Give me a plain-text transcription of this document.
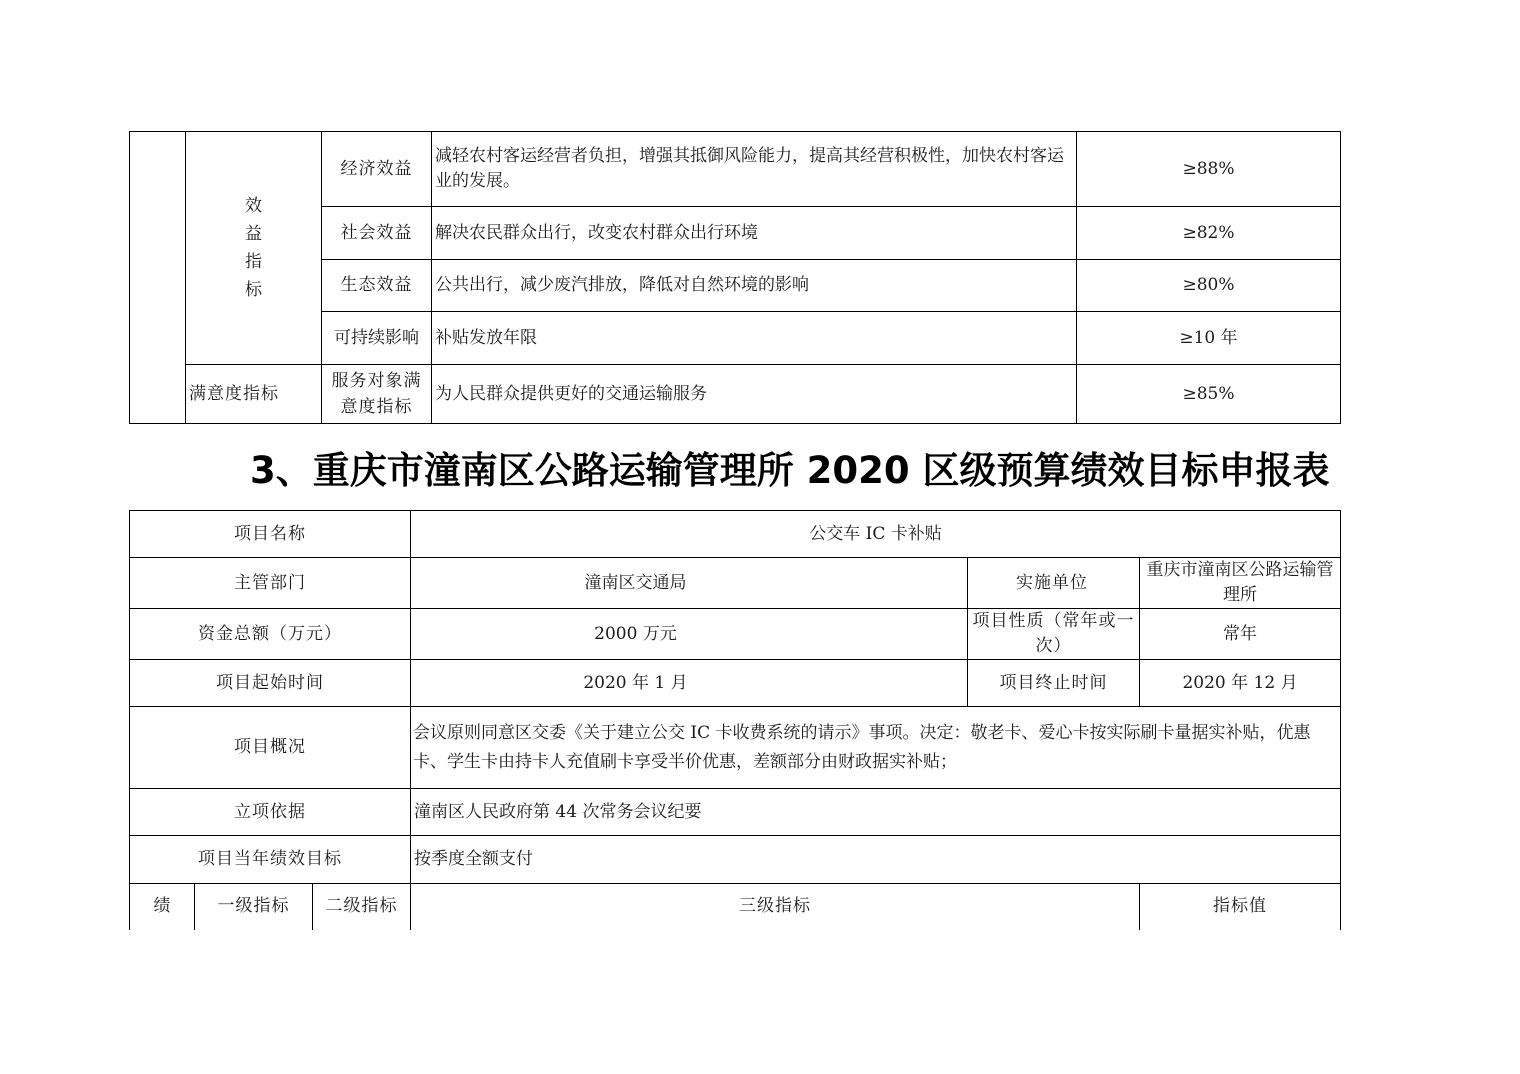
	效
益
指
标	经济效益	减轻农村客运经营者负担，增强其抵御风险能力，提高其经营积极性，加快农村客运业的发展。	≥88%
		社会效益	解决农民群众出行，改变农村群众出行环境	≥82%
		生态效益	公共出行，减少废汽排放，降低对自然环境的影响	≥80%
		可持续影响	补贴发放年限	≥10 年
	满意度指标	服务对象满意度指标	为人民群众提供更好的交通运输服务	≥85%
3、重庆市潼南区公路运输管理所 2020 区级预算绩效目标申报表
项目名称			公交车 IC 卡补贴		
主管部门			潼南区交通局	实施单位	重庆市潼南区公路运输管理所
资金总额（万元）			2000 万元	项目性质（常年或一次）	常年
项目起始时间			2020 年 1 月	项目终止时间	2020 年 12 月
项目概况			会议原则同意区交委《关于建立公交 IC 卡收费系统的请示》事项。决定：敬老卡、爱心卡按实际刷卡量据实补贴，优惠卡、学生卡由持卡人充值刷卡享受半价优惠，差额部分由财政据实补贴；		
立项依据			潼南区人民政府第 44 次常务会议纪要		
项目当年绩效目标			按季度全额支付		
绩	一级指标	二级指标	三级指标		指标值
